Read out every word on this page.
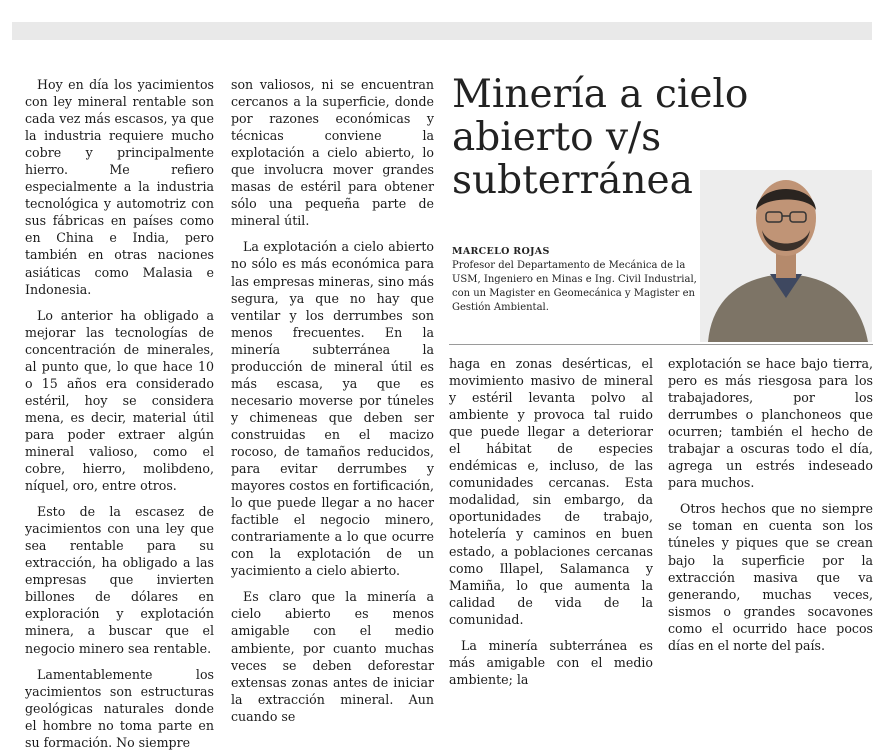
Hoy en día los yacimientos con ley mineral rentable son cada vez más escasos, ya que la industria requiere mucho cobre y principalmente hierro. Me refiero especialmente a la industria tecnológica y automotriz con sus fábricas en países como en China e India, pero también en otras naciones asiáticas como Malasia e Indonesia.

Lo anterior ha obligado a mejorar las tecnologías de concentración de minerales, al punto que, lo que hace 10 o 15 años era considerado estéril, hoy se considera mena, es decir, material útil para poder extraer algún mineral valioso, como el cobre, hierro, molibdeno, níquel, oro, entre otros.

Esto de la escasez de yacimientos con una ley que sea rentable para su extracción, ha obligado a las empresas que invierten billones de dólares en exploración y explotación minera, a buscar que el negocio minero sea rentable.

Lamentablemente los yacimientos son estructuras geológicas naturales donde el hombre no toma parte en su formación. No siempre

son valiosos, ni se encuentran cercanos a la superficie, donde por razones económicas y técnicas conviene la explotación a cielo abierto, lo que involucra mover grandes masas de estéril para obtener sólo una pequeña parte de mineral útil.

La explotación a cielo abierto no sólo es más económica para las empresas mineras, sino más segura, ya que no hay que ventilar y los derrumbes son menos frecuentes. En la minería subterránea la producción de mineral útil es más escasa, ya que es necesario moverse por túneles y chimeneas que deben ser construidas en el macizo rocoso, de tamaños reducidos, para evitar derrumbes y mayores costos en fortificación, lo que puede llegar a no hacer factible el negocio minero, contrariamente a lo que ocurre con la explotación de un yacimiento a cielo abierto.

Es claro que la minería a cielo abierto es menos amigable con el medio ambiente, por cuanto muchas veces se deben deforestar extensas zonas antes de iniciar la extracción mineral. Aun cuando se

Minería a cielo abierto v/s subterránea
MARCELO ROJAS
Profesor del Departamento de Mecánica de la USM, Ingeniero en Minas e Ing. Civil Industrial, con un Magister en Geomecánica y Magister en Gestión Ambiental.

haga en zonas desérticas, el movimiento masivo de mineral y estéril levanta polvo al ambiente y provoca tal ruido que puede llegar a deteriorar el hábitat de especies endémicas e, incluso, de las comunidades cercanas. Esta modalidad, sin embargo, da oportunidades de trabajo, hotelería y caminos en buen estado, a poblaciones cercanas como Illapel, Salamanca y Mamiña, lo que aumenta la calidad de vida de la comunidad.

La minería subterránea es más amigable con el medio ambiente; la

explotación se hace bajo tierra, pero es más riesgosa para los trabajadores, por los derrumbes o planchoneos que ocurren; también el hecho de trabajar a oscuras todo el día, agrega un estrés indeseado para muchos.

Otros hechos que no siempre se toman en cuenta son los túneles y piques que se crean bajo la superficie por la extracción masiva que va generando, muchas veces, sismos o grandes socavones como el ocurrido hace pocos días en el norte del país.
